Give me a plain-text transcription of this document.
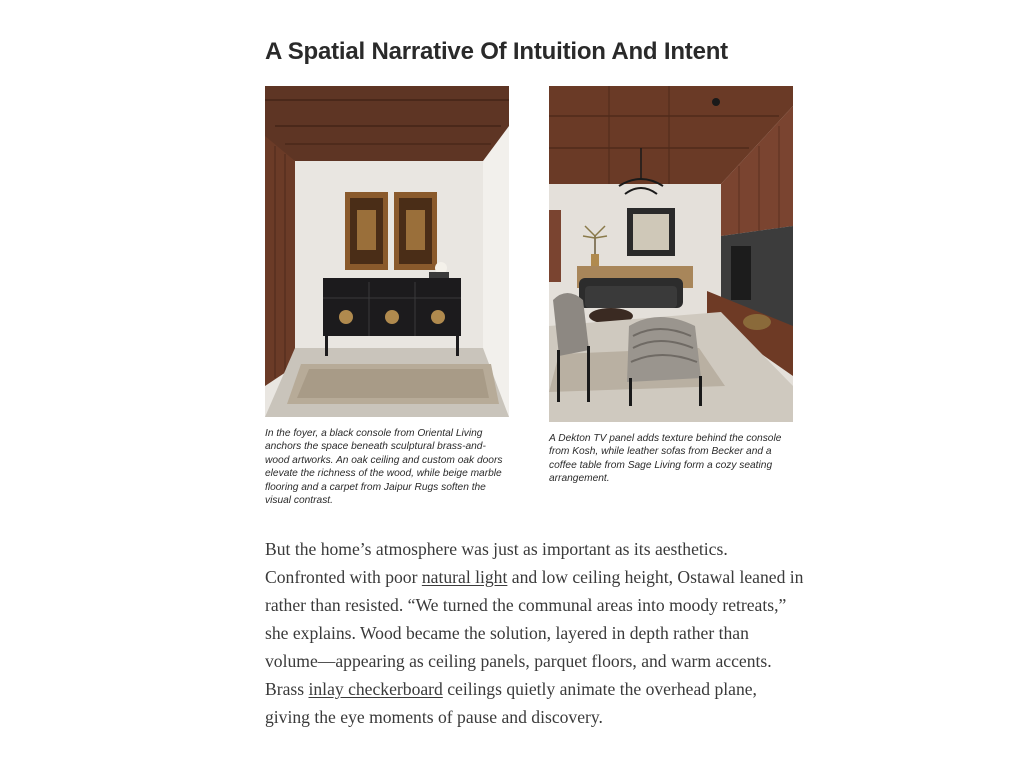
A Spatial Narrative Of Intuition And Intent

In the foyer, a black console from Oriental Living anchors the space beneath sculptural brass-and-wood artworks. An oak ceiling and custom oak doors elevate the richness of the wood, while beige marble flooring and a carpet from Jaipur Rugs soften the visual contrast.

A Dekton TV panel adds texture behind the console from Kosh, while leather sofas from Becker and a coffee table from Sage Living form a cozy seating arrangement.

But the home’s atmosphere was just as important as its aesthetics. Confronted with poor natural light and low ceiling height, Ostawal leaned in rather than resisted. “We turned the communal areas into moody retreats,” she explains. Wood became the solution, layered in depth rather than volume—appearing as ceiling panels, parquet floors, and warm accents. Brass inlay checkerboard ceilings quietly animate the overhead plane, giving the eye moments of pause and discovery.
